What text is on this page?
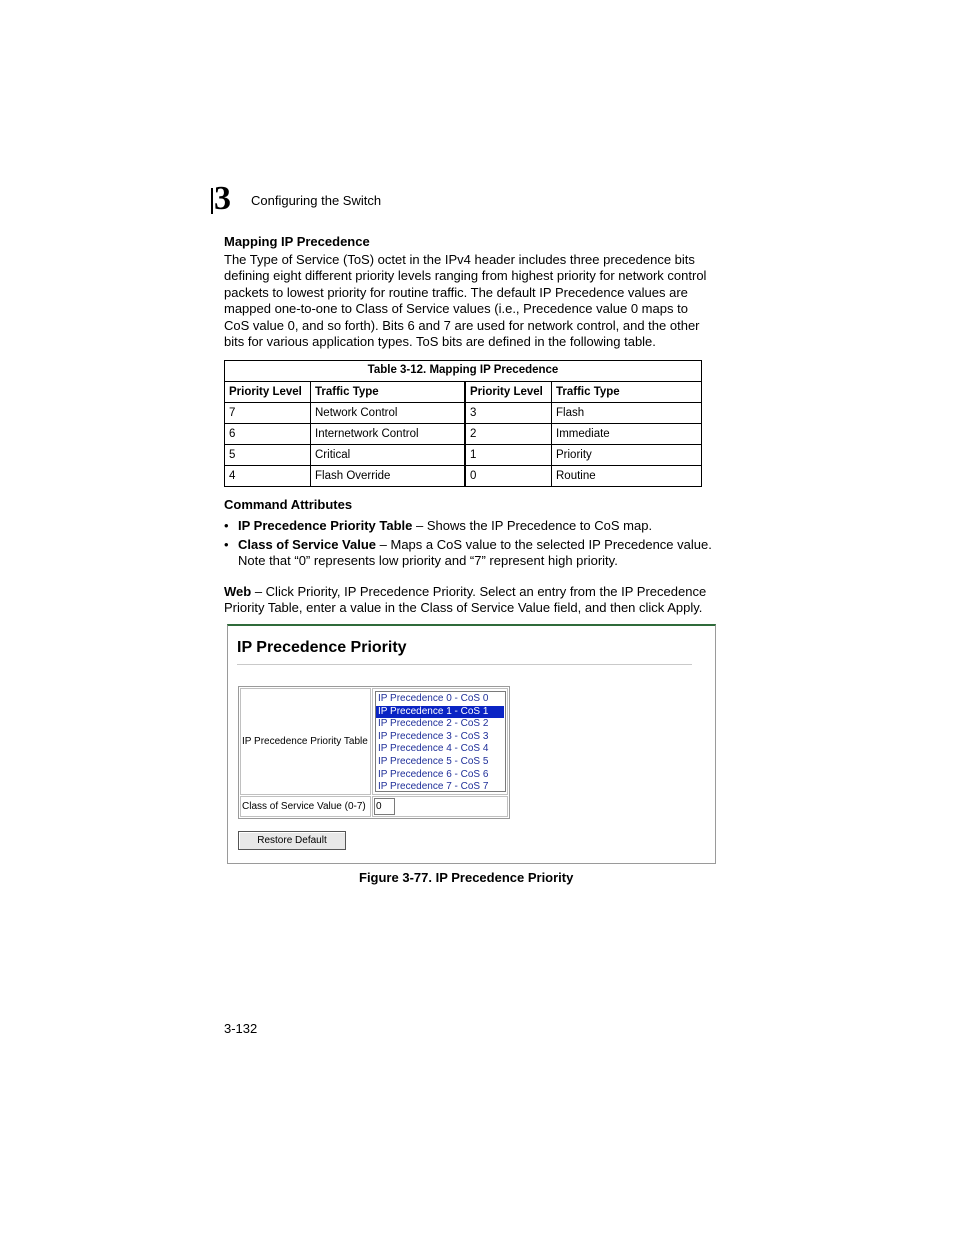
3 Configuring the Switch
Mapping IP Precedence
The Type of Service (ToS) octet in the IPv4 header includes three precedence bits
defining eight different priority levels ranging from highest priority for network control
packets to lowest priority for routine traffic. The default IP Precedence values are
mapped one-to-one to Class of Service values (i.e., Precedence value 0 maps to
CoS value 0, and so forth). Bits 6 and 7 are used for network control, and the other
bits for various application types. ToS bits are defined in the following table.
Table 3-12. Mapping IP Precedence
Priority Level	Traffic Type	Priority Level	Traffic Type
7	Network Control	3	Flash
6	Internetwork Control	2	Immediate
5	Critical	1	Priority
4	Flash Override	0	Routine
Command Attributes
• IP Precedence Priority Table – Shows the IP Precedence to CoS map.
• Class of Service Value – Maps a CoS value to the selected IP Precedence value.
Note that “0” represents low priority and “7” represent high priority.
Web – Click Priority, IP Precedence Priority. Select an entry from the IP Precedence
Priority Table, enter a value in the Class of Service Value field, and then click Apply.
IP Precedence Priority
IP Precedence Priority Table
IP Precedence 0 - CoS 0
IP Precedence 1 - CoS 1
IP Precedence 2 - CoS 2
IP Precedence 3 - CoS 3
IP Precedence 4 - CoS 4
IP Precedence 5 - CoS 5
IP Precedence 6 - CoS 6
IP Precedence 7 - CoS 7
Class of Service Value (0-7)
0
Restore Default
Figure 3-77. IP Precedence Priority
3-132
